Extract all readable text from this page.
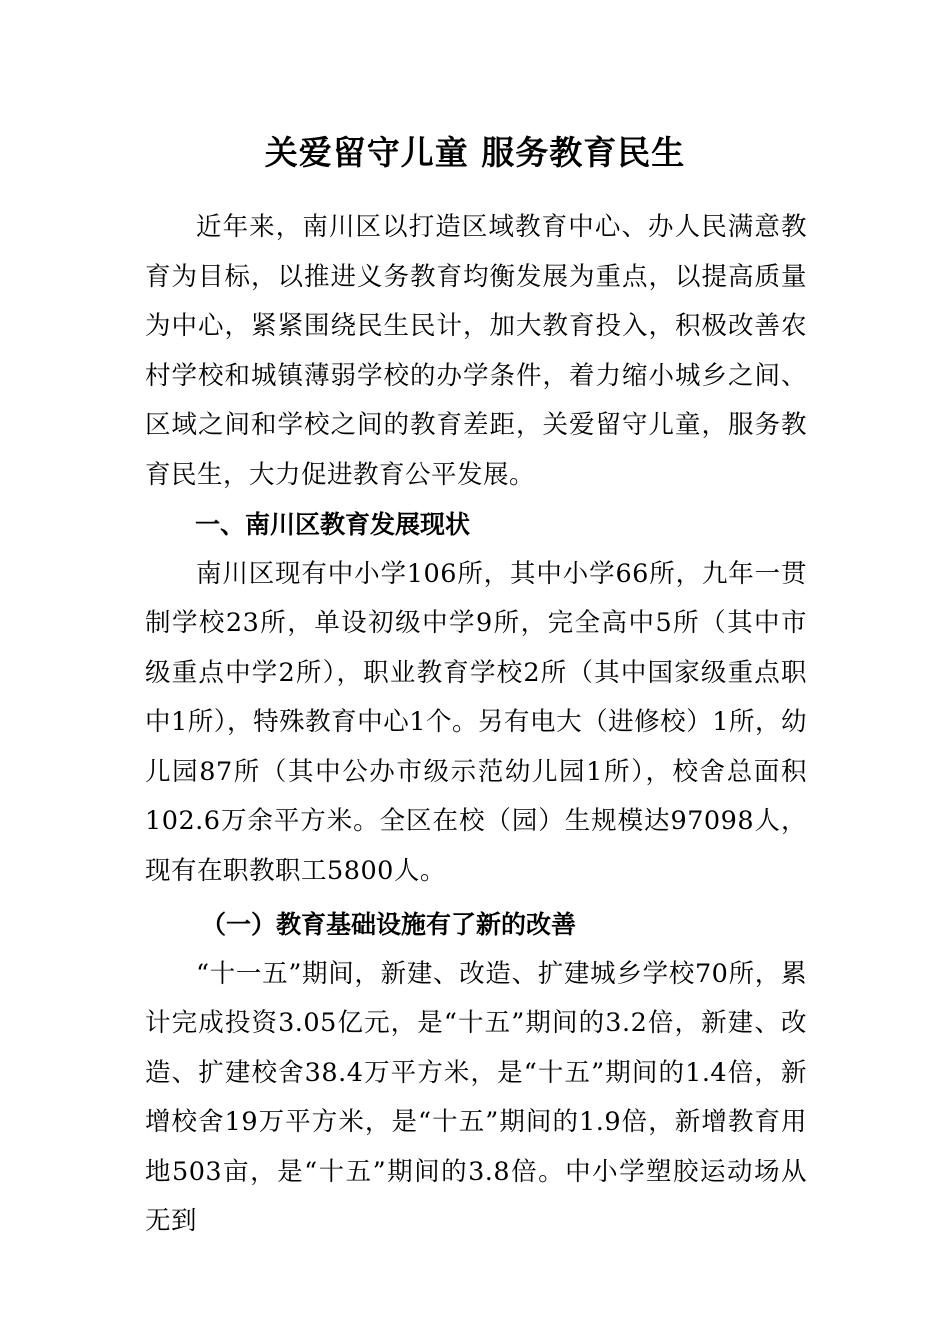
关爱留守儿童 服务教育民生

近年来，南川区以打造区域教育中心、办人民满意教育为目标，以推进义务教育均衡发展为重点，以提高质量为中心，紧紧围绕民生民计，加大教育投入，积极改善农村学校和城镇薄弱学校的办学条件，着力缩小城乡之间、区域之间和学校之间的教育差距，关爱留守儿童，服务教育民生，大力促进教育公平发展。

一、南川区教育发展现状

南川区现有中小学106所，其中小学66所，九年一贯制学校23所，单设初级中学9所，完全高中5所（其中市级重点中学2所），职业教育学校2所（其中国家级重点职中1所），特殊教育中心1个。另有电大（进修校）1所，幼儿园87所（其中公办市级示范幼儿园1所），校舍总面积102.6万余平方米。全区在校（园）生规模达97098人，现有在职教职工5800人。

（一）教育基础设施有了新的改善

“十一五”期间，新建、改造、扩建城乡学校70所，累计完成投资3.05亿元，是“十五”期间的3.2倍，新建、改造、扩建校舍38.4万平方米，是“十五”期间的1.4倍，新增校舍19万平方米，是“十五”期间的1.9倍，新增教育用地503亩，是“十五”期间的3.8倍。中小学塑胶运动场从无到
